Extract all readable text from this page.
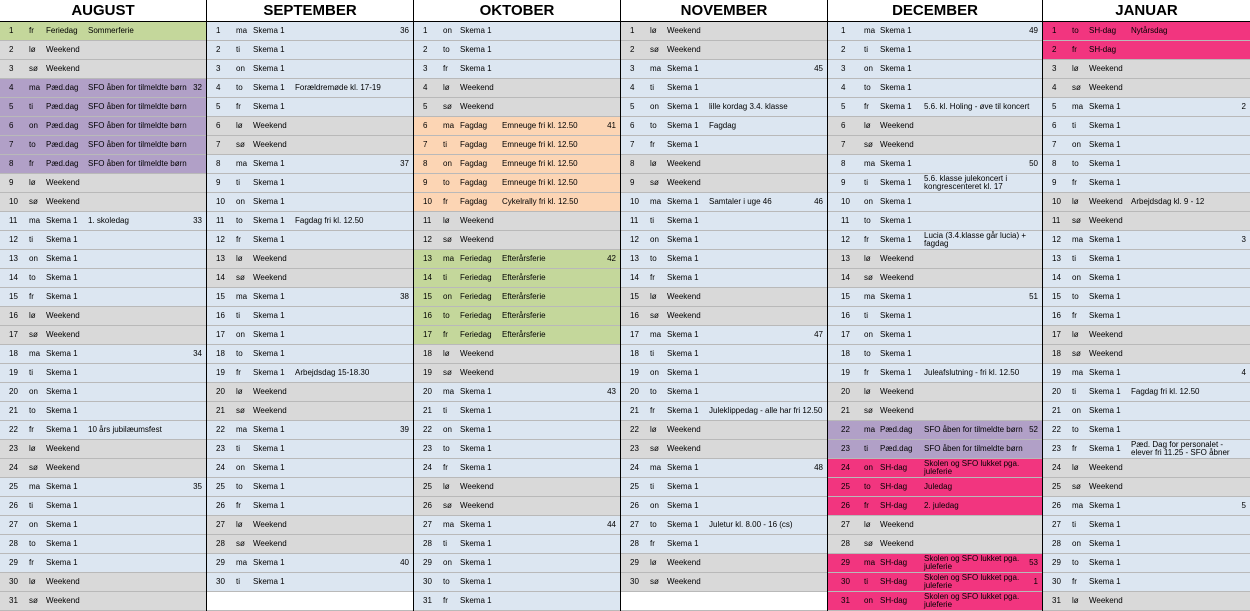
AUGUST
1 fr Feriedag Sommerferie
2 lø Weekend
3 sø Weekend
4 ma Pæd.dag SFO åben for tilmeldte børn 32
5 ti Pæd.dag SFO åben for tilmeldte børn
6 on Pæd.dag SFO åben for tilmeldte børn
7 to Pæd.dag SFO åben for tilmeldte børn
8 fr Pæd.dag SFO åben for tilmeldte børn
9 lø Weekend
10 sø Weekend
11 ma Skema 1 1. skoledag	33
12 ti Skema 1
13 on Skema 1
14 to Skema 1
15 fr Skema 1
16 lø Weekend
17 sø Weekend
18 ma Skema 1	34
19 ti Skema 1
20 on Skema 1
21 to Skema 1
22 fr Skema 1 10 års jubilæumsfest
23 lø Weekend
24 sø Weekend
25 ma Skema 1	35
26 ti Skema 1
27 on Skema 1
28 to Skema 1
29 fr Skema 1
30 lø Weekend
31 sø Weekend
SEPTEMBER
1 ma Skema 1	36
2 ti Skema 1
3 on Skema 1
4 to Skema 1 Forældremøde kl. 17-19
5 fr Skema 1
6 lø Weekend
7 sø Weekend
8 ma Skema 1	37
9 ti Skema 1
10 on Skema 1
11 to Skema 1 Fagdag fri kl. 12.50
12 fr Skema 1
13 lø Weekend
14 sø Weekend
15 ma Skema 1	38
16 ti Skema 1
17 on Skema 1
18 to Skema 1
19 fr Skema 1 Arbejdsdag 15-18.30
20 lø Weekend
21 sø Weekend
22 ma Skema 1	39
23 ti Skema 1
24 on Skema 1
25 to Skema 1
26 fr Skema 1
27 lø Weekend
28 sø Weekend
29 ma Skema 1	40
30 ti Skema 1
OKTOBER
1 on Skema 1
2 to Skema 1
3 fr Skema 1
4 lø Weekend
5 sø Weekend
6 ma Fagdag Emneuge fri kl. 12.50	41
7 ti Fagdag Emneuge fri kl. 12.50
8 on Fagdag Emneuge fri kl. 12.50
9 to Fagdag Emneuge fri kl. 12.50
10 fr Fagdag Cykelrally fri kl. 12.50
11 lø Weekend
12 sø Weekend
13 ma Feriedag Efterårsferie	42
14 ti Feriedag Efterårsferie
15 on Feriedag Efterårsferie
16 to Feriedag Efterårsferie
17 fr Feriedag Efterårsferie
18 lø Weekend
19 sø Weekend
20 ma Skema 1	43
21 ti Skema 1
22 on Skema 1
23 to Skema 1
24 fr Skema 1
25 lø Weekend
26 sø Weekend
27 ma Skema 1	44
28 ti Skema 1
29 on Skema 1
30 to Skema 1
31 fr Skema 1
NOVEMBER
1 lø Weekend
2 sø Weekend
3 ma Skema 1	45
4 ti Skema 1
5 on Skema 1 lille kordag 3.4. klasse
6 to Skema 1 Fagdag
7 fr Skema 1
8 lø Weekend
9 sø Weekend
10 ma Skema 1 Samtaler i uge 46	46
11 ti Skema 1
12 on Skema 1
13 to Skema 1
14 fr Skema 1
15 lø Weekend
16 sø Weekend
17 ma Skema 1	47
18 ti Skema 1
19 on Skema 1
20 to Skema 1
21 fr Skema 1 Juleklippedag - alle har fri 12.50
22 lø Weekend
23 sø Weekend
24 ma Skema 1	48
25 ti Skema 1
26 on Skema 1
27 to Skema 1 Juletur kl. 8.00 - 16 (cs)
28 fr Skema 1
29 lø Weekend
30 sø Weekend
DECEMBER
1 ma Skema 1	49
2 ti Skema 1
3 on Skema 1
4 to Skema 1
5 fr Skema 1 5.6. kl. Holing - øve til koncert
6 lø Weekend
7 sø Weekend
8 ma Skema 1	50
9 ti Skema 1 5.6. klasse julekoncert i kongrescenteret kl. 17
10 on Skema 1
11 to Skema 1
12 fr Skema 1 Lucia (3.4.klasse går lucia) + fagdag
13 lø Weekend
14 sø Weekend
15 ma Skema 1	51
16 ti Skema 1
17 on Skema 1
18 to Skema 1
19 fr Skema 1 Juleafslutning - fri kl. 12.50
20 lø Weekend
21 sø Weekend
22 ma Pæd.dag SFO åben for tilmeldte børn 52
23 ti Pæd.dag SFO åben for tilmeldte børn
24 on SH-dag Skolen og SFO lukket pga. juleferie
25 to SH-dag Juledag
26 fr SH-dag 2. juledag
27 lø Weekend
28 sø Weekend
29 ma SH-dag Skolen og SFO lukket pga. juleferie	53
30 ti SH-dag Skolen og SFO lukket pga. juleferie	1
31 on SH-dag Skolen og SFO lukket pga. juleferie
JANUAR
1 to SH-dag Nytårsdag
2 fr SH-dag
3 lø Weekend
4 sø Weekend
5 ma Skema 1	2
6 ti Skema 1
7 on Skema 1
8 to Skema 1
9 fr Skema 1
10 lø Weekend Arbejdsdag kl. 9 - 12
11 sø Weekend
12 ma Skema 1	3
13 ti Skema 1
14 on Skema 1
15 to Skema 1
16 fr Skema 1
17 lø Weekend
18 sø Weekend
19 ma Skema 1	4
20 ti Skema 1 Fagdag fri kl. 12.50
21 on Skema 1
22 to Skema 1
23 fr Skema 1 Pæd. Dag for personalet - elever fri 11.25 - SFO åbner
24 lø Weekend
25 sø Weekend
26 ma Skema 1	5
27 ti Skema 1
28 on Skema 1
29 to Skema 1
30 fr Skema 1
31 lø Weekend
